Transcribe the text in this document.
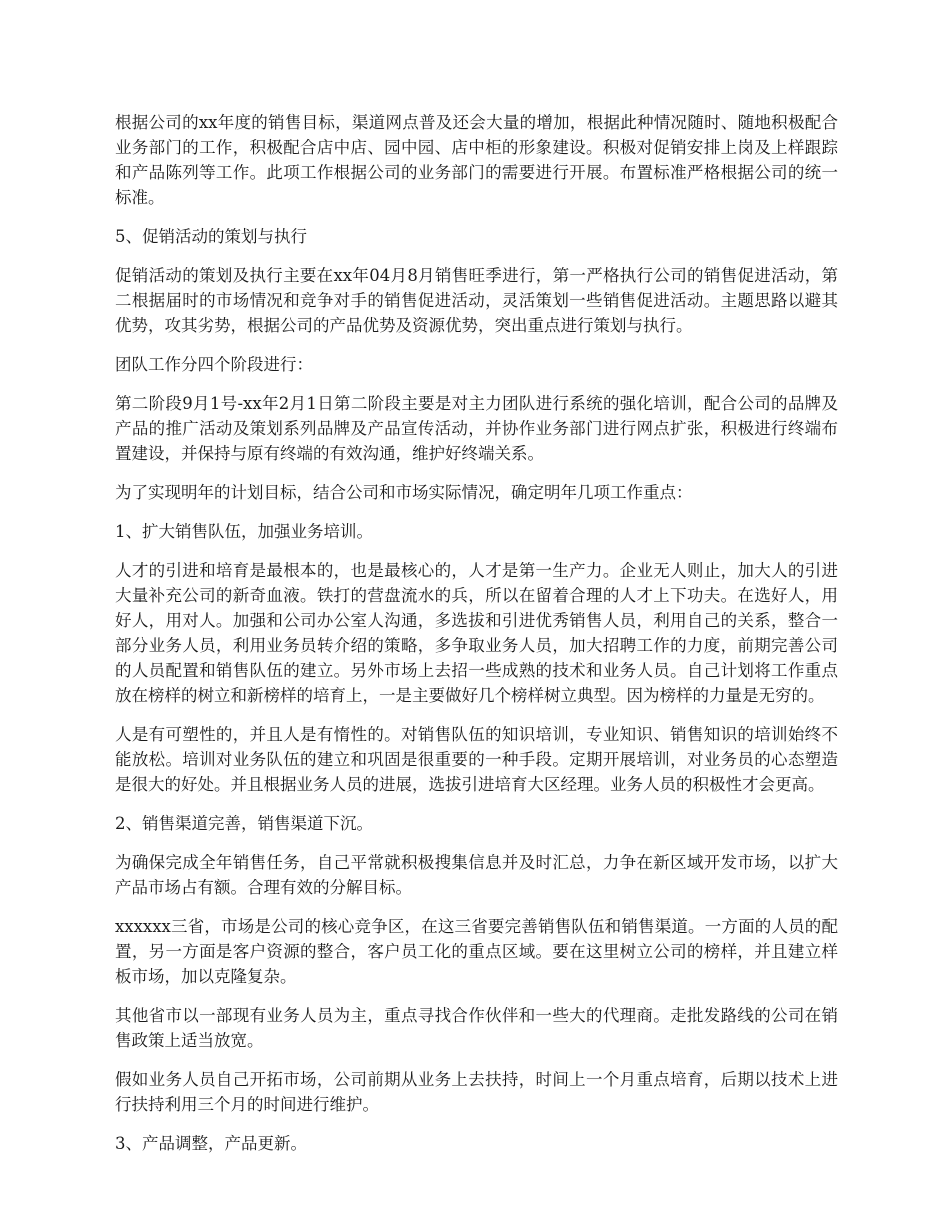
根据公司的xx年度的销售目标，渠道网点普及还会大量的增加，根据此种情况随时、随地积极配合业务部门的工作，积极配合店中店、园中园、店中柜的形象建设。积极对促销安排上岗及上样跟踪和产品陈列等工作。此项工作根据公司的业务部门的需要进行开展。布置标准严格根据公司的统一标准。

5、促销活动的策划与执行

促销活动的策划及执行主要在xx年04月8月销售旺季进行，第一严格执行公司的销售促进活动，第二根据届时的市场情况和竞争对手的销售促进活动，灵活策划一些销售促进活动。主题思路以避其优势，攻其劣势，根据公司的产品优势及资源优势，突出重点进行策划与执行。

团队工作分四个阶段进行：

第二阶段9月1号-xx年2月1日第二阶段主要是对主力团队进行系统的强化培训，配合公司的品牌及产品的推广活动及策划系列品牌及产品宣传活动，并协作业务部门进行网点扩张，积极进行终端布置建设，并保持与原有终端的有效沟通，维护好终端关系。

为了实现明年的计划目标，结合公司和市场实际情况，确定明年几项工作重点：

1、扩大销售队伍，加强业务培训。

人才的引进和培育是最根本的，也是最核心的，人才是第一生产力。企业无人则止，加大人的引进大量补充公司的新奇血液。铁打的营盘流水的兵，所以在留着合理的人才上下功夫。在选好人，用好人，用对人。加强和公司办公室人沟通，多选拔和引进优秀销售人员，利用自己的关系，整合一部分业务人员，利用业务员转介绍的策略，多争取业务人员，加大招聘工作的力度，前期完善公司的人员配置和销售队伍的建立。另外市场上去招一些成熟的技术和业务人员。自己计划将工作重点放在榜样的树立和新榜样的培育上，一是主要做好几个榜样树立典型。因为榜样的力量是无穷的。

人是有可塑性的，并且人是有惰性的。对销售队伍的知识培训，专业知识、销售知识的培训始终不能放松。培训对业务队伍的建立和巩固是很重要的一种手段。定期开展培训，对业务员的心态塑造是很大的好处。并且根据业务人员的进展，选拔引进培育大区经理。业务人员的积极性才会更高。

2、销售渠道完善，销售渠道下沉。

为确保完成全年销售任务，自己平常就积极搜集信息并及时汇总，力争在新区域开发市场，以扩大产品市场占有额。合理有效的分解目标。

xxxxxx三省，市场是公司的核心竞争区，在这三省要完善销售队伍和销售渠道。一方面的人员的配置，另一方面是客户资源的整合，客户员工化的重点区域。要在这里树立公司的榜样，并且建立样板市场，加以克隆复杂。

其他省市以一部现有业务人员为主，重点寻找合作伙伴和一些大的代理商。走批发路线的公司在销售政策上适当放宽。

假如业务人员自己开拓市场，公司前期从业务上去扶持，时间上一个月重点培育，后期以技术上进行扶持利用三个月的时间进行维护。

3、产品调整，产品更新。
